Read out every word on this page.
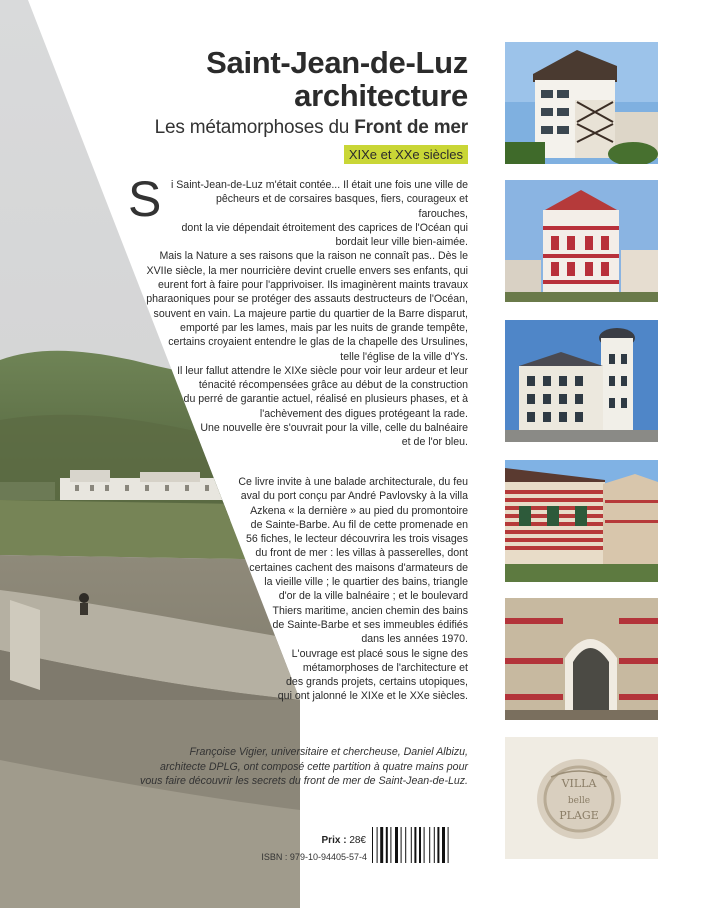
Saint-Jean-de-Luz
architecture
Les métamorphoses du Front de mer
XIXe et XXe siècles
S i Saint-Jean-de-Luz m'était contée... Il était une fois une ville de
pêcheurs et de corsaires basques, fiers, courageux et farouches,
dont la vie dépendait étroitement des caprices de l'Océan qui
bordait leur ville bien-aimée.
Mais la Nature a ses raisons que la raison ne connaît pas.. Dès le
XVIIe siècle, la mer nourricière devint cruelle envers ses enfants, qui
eurent fort à faire pour l'apprivoiser. Ils imaginèrent maints travaux
pharaoniques pour se protéger des assauts destructeurs de l'Océan,
souvent en vain. La majeure partie du quartier de la Barre disparut,
emporté par les lames, mais par les nuits de grande tempête,
certains croyaient entendre le glas de la chapelle des Ursulines,
telle l'église de la ville d'Ys.
Il leur fallut attendre le XIXe siècle pour voir leur ardeur et leur
ténacité récompensées grâce au début de la construction
du perré de garantie actuel, réalisé en plusieurs phases, et à
l'achèvement des digues protégeant la rade.
Une nouvelle ère s'ouvrait pour la ville, celle du balnéaire
et de l'or bleu.
Ce livre invite à une balade architecturale, du feu
aval du port conçu par André Pavlovsky à la villa
Azkena « la dernière » au pied du promontoire
de Sainte-Barbe. Au fil de cette promenade en
56 fiches, le lecteur découvrira les trois visages
du front de mer : les villas à passerelles, dont
certaines cachent des maisons d'armateurs de
la vieille ville ; le quartier des bains, triangle
d'or de la ville balnéaire ; et le boulevard
Thiers maritime, ancien chemin des bains
de Sainte-Barbe et ses immeubles édifiés
dans les années 1970.
L'ouvrage est placé sous le signe des
métamorphoses de l'architecture et
des grands projets, certains utopiques,
qui ont jalonné le XIXe et le XXe siècles.
Françoise Vigier, universitaire et chercheuse, Daniel Albizu,
architecte DPLG, ont composé cette partition à quatre mains pour
vous faire découvrir les secrets du front de mer de Saint-Jean-de-Luz.	VILLA
belle
PLAGE
Prix : 28€
ISBN : 979-10-94405-57-4
